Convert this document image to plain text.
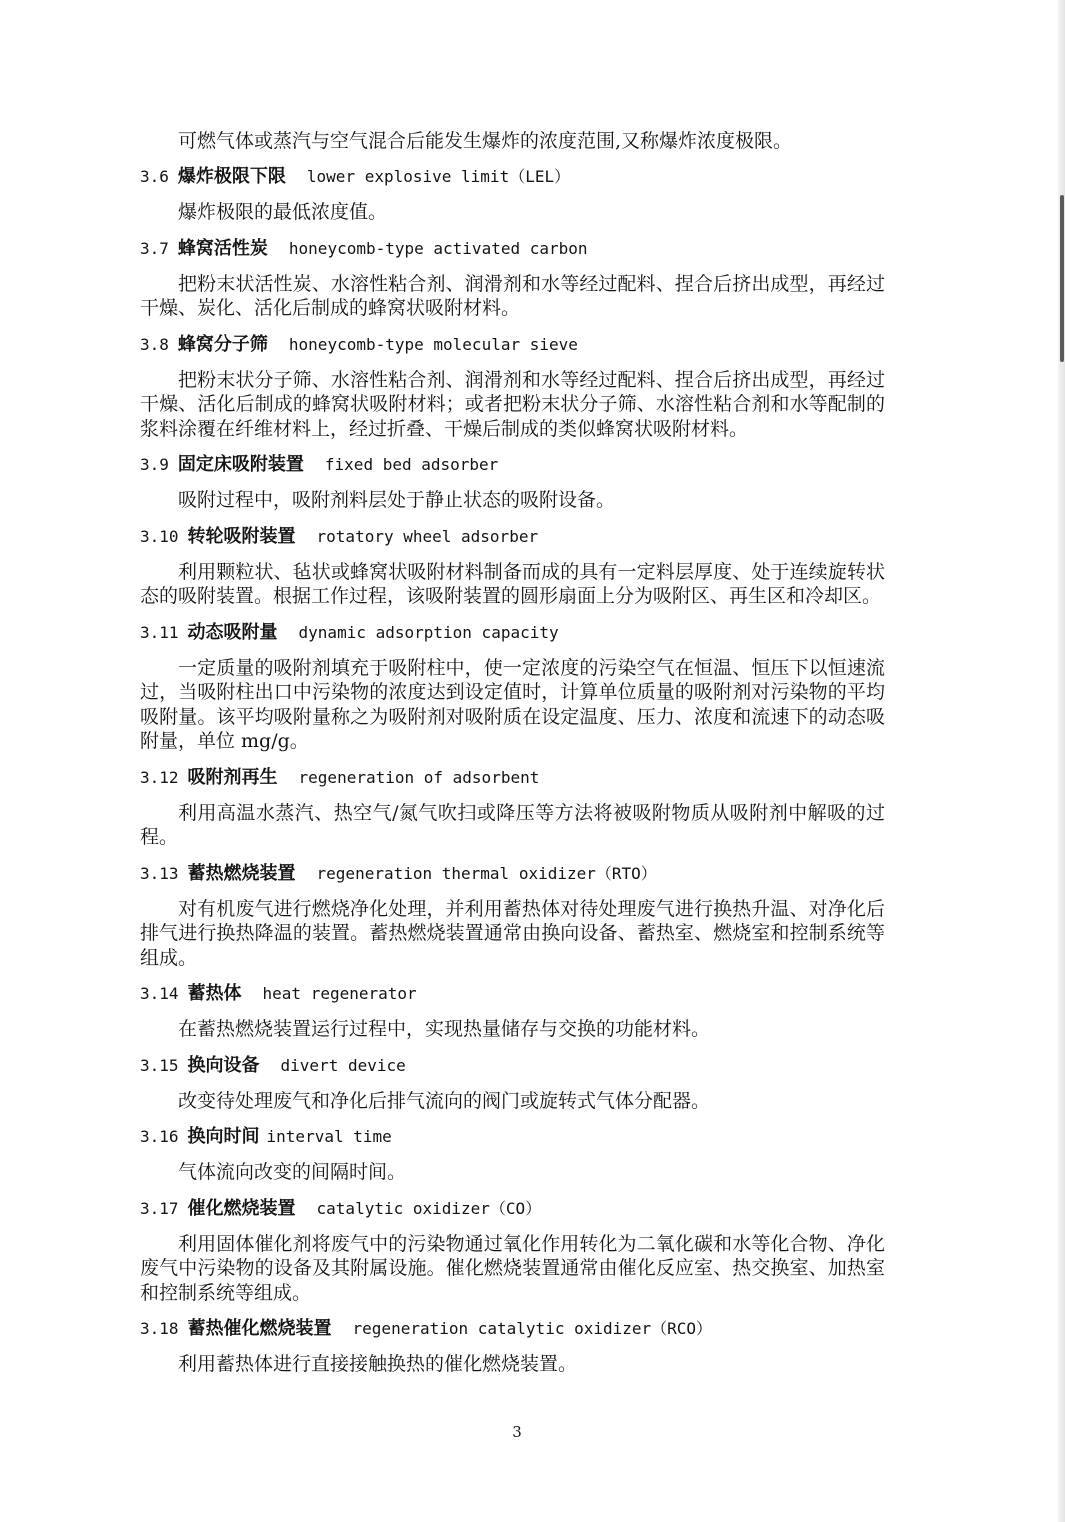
可燃气体或蒸汽与空气混合后能发生爆炸的浓度范围,又称爆炸浓度极限。

3.6 爆炸极限下限 lower explosive limit（LEL）

爆炸极限的最低浓度值。

3.7 蜂窝活性炭 honeycomb-type activated carbon

把粉末状活性炭、水溶性粘合剂、润滑剂和水等经过配料、捏合后挤出成型，再经过干燥、炭化、活化后制成的蜂窝状吸附材料。

3.8 蜂窝分子筛 honeycomb-type molecular sieve

把粉末状分子筛、水溶性粘合剂、润滑剂和水等经过配料、捏合后挤出成型，再经过干燥、活化后制成的蜂窝状吸附材料；或者把粉末状分子筛、水溶性粘合剂和水等配制的浆料涂覆在纤维材料上，经过折叠、干燥后制成的类似蜂窝状吸附材料。

3.9 固定床吸附装置 fixed bed adsorber

吸附过程中，吸附剂料层处于静止状态的吸附设备。

3.10 转轮吸附装置 rotatory wheel adsorber

利用颗粒状、毡状或蜂窝状吸附材料制备而成的具有一定料层厚度、处于连续旋转状态的吸附装置。根据工作过程，该吸附装置的圆形扇面上分为吸附区、再生区和冷却区。

3.11 动态吸附量 dynamic adsorption capacity

一定质量的吸附剂填充于吸附柱中，使一定浓度的污染空气在恒温、恒压下以恒速流过，当吸附柱出口中污染物的浓度达到设定值时，计算单位质量的吸附剂对污染物的平均吸附量。该平均吸附量称之为吸附剂对吸附质在设定温度、压力、浓度和流速下的动态吸附量，单位 mg/g。

3.12 吸附剂再生 regeneration of adsorbent

利用高温水蒸汽、热空气/氮气吹扫或降压等方法将被吸附物质从吸附剂中解吸的过程。

3.13 蓄热燃烧装置 regeneration thermal oxidizer（RTO）

对有机废气进行燃烧净化处理，并利用蓄热体对待处理废气进行换热升温、对净化后排气进行换热降温的装置。蓄热燃烧装置通常由换向设备、蓄热室、燃烧室和控制系统等组成。

3.14 蓄热体 heat regenerator

在蓄热燃烧装置运行过程中，实现热量储存与交换的功能材料。

3.15 换向设备 divert device

改变待处理废气和净化后排气流向的阀门或旋转式气体分配器。

3.16 换向时间 interval time

气体流向改变的间隔时间。

3.17 催化燃烧装置 catalytic oxidizer（CO）

利用固体催化剂将废气中的污染物通过氧化作用转化为二氧化碳和水等化合物、净化废气中污染物的设备及其附属设施。催化燃烧装置通常由催化反应室、热交换室、加热室和控制系统等组成。

3.18 蓄热催化燃烧装置 regeneration catalytic oxidizer（RCO）

利用蓄热体进行直接接触换热的催化燃烧装置。

3
